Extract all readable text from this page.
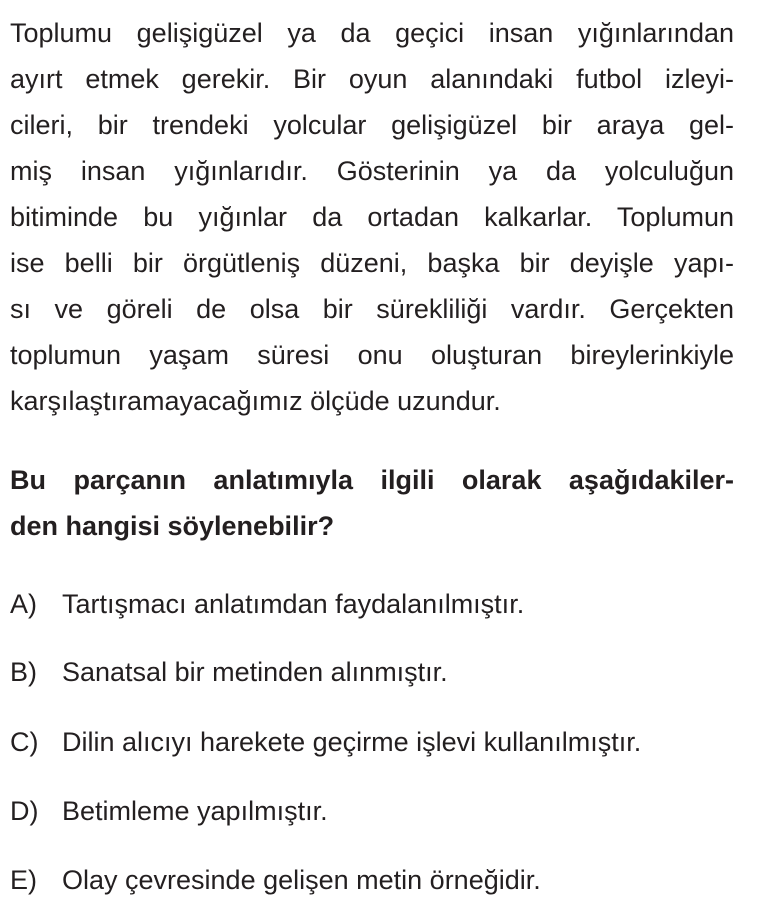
Toplumu gelişigüzel ya da geçici insan yığınlarından
ayırt etmek gerekir. Bir oyun alanındaki futbol izleyi-
cileri, bir trendeki yolcular gelişigüzel bir araya gel-
miş insan yığınlarıdır. Gösterinin ya da yolculuğun
bitiminde bu yığınlar da ortadan kalkarlar. Toplumun
ise belli bir örgütleniş düzeni, başka bir deyişle yapı-
sı ve göreli de olsa bir sürekliliği vardır. Gerçekten
toplumun yaşam süresi onu oluşturan bireylerinkiyle
karşılaştıramayacağımız ölçüde uzundur.
Bu parçanın anlatımıyla ilgili olarak aşağıdakiler-
den hangisi söylenebilir?
A) Tartışmacı anlatımdan faydalanılmıştır.
B) Sanatsal bir metinden alınmıştır.
C) Dilin alıcıyı harekete geçirme işlevi kullanılmıştır.
D) Betimleme yapılmıştır.
E) Olay çevresinde gelişen metin örneğidir.
